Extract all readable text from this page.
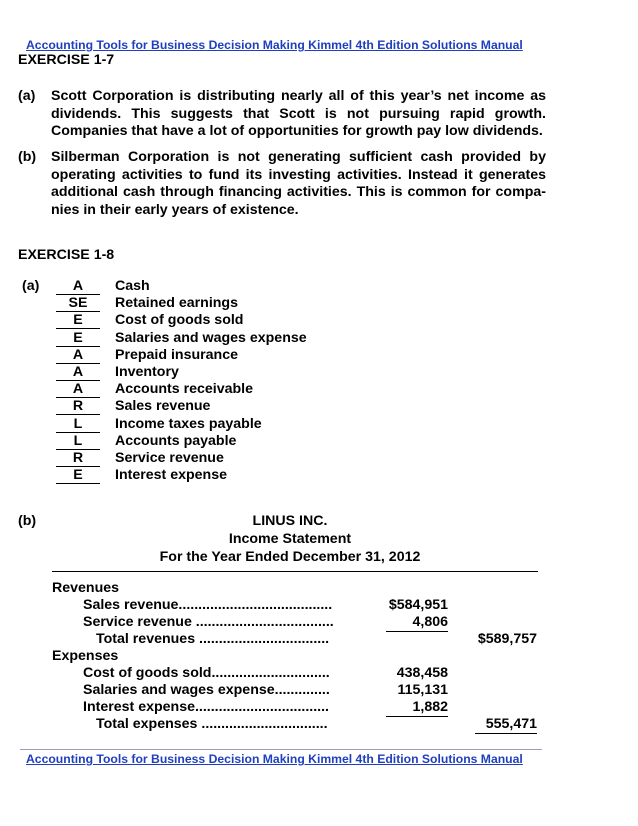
Accounting Tools for Business Decision Making Kimmel 4th Edition Solutions Manual
EXERCISE 1-7
(a) Scott Corporation is distributing nearly all of this year’s net income as dividends. This suggests that Scott is not pursuing rapid growth. Companies that have a lot of opportunities for growth pay low dividends.
(b) Silberman Corporation is not generating sufficient cash provided by operating activities to fund its investing activities. Instead it generates additional cash through financing activities. This is common for compa-nies in their early years of existence.
EXERCISE 1-8
(a)	A	Cash
SE	Retained earnings
E	Cost of goods sold
E	Salaries and wages expense
A	Prepaid insurance
A	Inventory
A	Accounts receivable
R	Sales revenue
L	Income taxes payable
L	Accounts payable
R	Service revenue
E	Interest expense
(b)	LINUS INC.
Income Statement
For the Year Ended December 31, 2012
Revenues
Sales revenue.......................................	$584,951
Service revenue ...................................	4,806
Total revenues .................................	$589,757
Expenses
Cost of goods sold..............................	438,458
Salaries and wages expense..............	115,131
Interest expense..................................	1,882
Total expenses ................................	555,471
Accounting Tools for Business Decision Making Kimmel 4th Edition Solutions Manual
